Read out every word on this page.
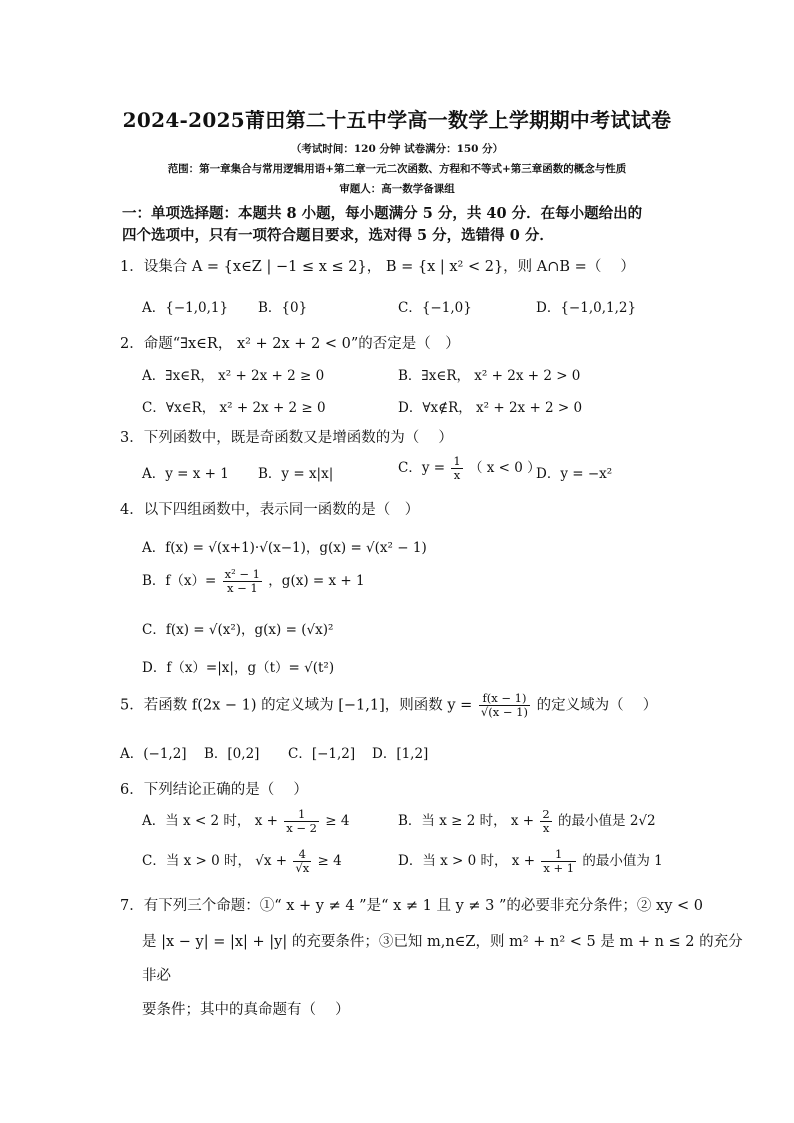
2024-2025莆田第二十五中学高一数学上学期期中考试试卷
（考试时间：120 分钟 试卷满分：150 分）
范围：第一章集合与常用逻辑用语+第二章一元二次函数、方程和不等式+第三章函数的概念与性质
审题人：高一数学备课组
一：单项选择题：本题共 8 小题，每小题满分 5 分，共 40 分．在每小题给出的
四个选项中，只有一项符合题目要求，选对得 5 分，选错得 0 分．
1．设集合 A = {x∈Z | −1 ≤ x ≤ 2}， B = {x | x² < 2}，则 A∩B =（　 ）
A．{−1,0,1} B．{0}	C．{−1,0}	D．{−1,0,1,2}
2．命题“∃x∈R， x² + 2x + 2 < 0”的否定是（　）
A．∃x∈R， x² + 2x + 2 ≥ 0	B．∃x∈R， x² + 2x + 2 > 0
C．∀x∈R， x² + 2x + 2 ≥ 0	D．∀x∉R， x² + 2x + 2 > 0
3．下列函数中，既是奇函数又是增函数的为（　 ）
A．y = x + 1 B．y = x|x|	C．$y = \frac{1}{x}$ （ x < 0 ）
D．y = −x²
4．以下四组函数中，表示同一函数的是（　）
A．f(x) = √(x+1)·√(x−1)，g(x) = √(x² − 1)
B．$f(x)= \frac{\text{x² − 1}}{x - 1}$ ，g(x) = x + 1
C．f(x) = √(x²)，g(x) = (√x)²
D．f（x）=|x|，g（t）= √(t²)
5．若函数 f(2x − 1) 的定义域为 [−1,1]，则函数 $y = \frac{f(x - 1)}{√(x - 1)}$ 的定义域为（　 ）
A．(−1,2] B．[0,2] C．[−1,2] D．[1,2]
6．下列结论正确的是（　 ）
A．当 x < 2 时， $x + \frac{1}{x - 2} \ge 4$	B．当 x ≥ 2 时， $x + \frac{2}{x}$ 的最小值是 2√2
C．当 x > 0 时， $√x + \frac{4}{√x} \ge 4$	D．当 x > 0 时， $x + \frac{1}{x + 1}$ 的最小值为 1
7．有下列三个命题：①“ x + y ≠ 4 ”是“ x ≠ 1 且 y ≠ 3 ”的必要非充分条件；② xy < 0
是 |x − y| = |x| + |y| 的充要条件；③已知 m,n∈Z，则 m² + n² < 5 是 m + n ≤ 2 的充分
非必
要条件；其中的真命题有（　 ）
